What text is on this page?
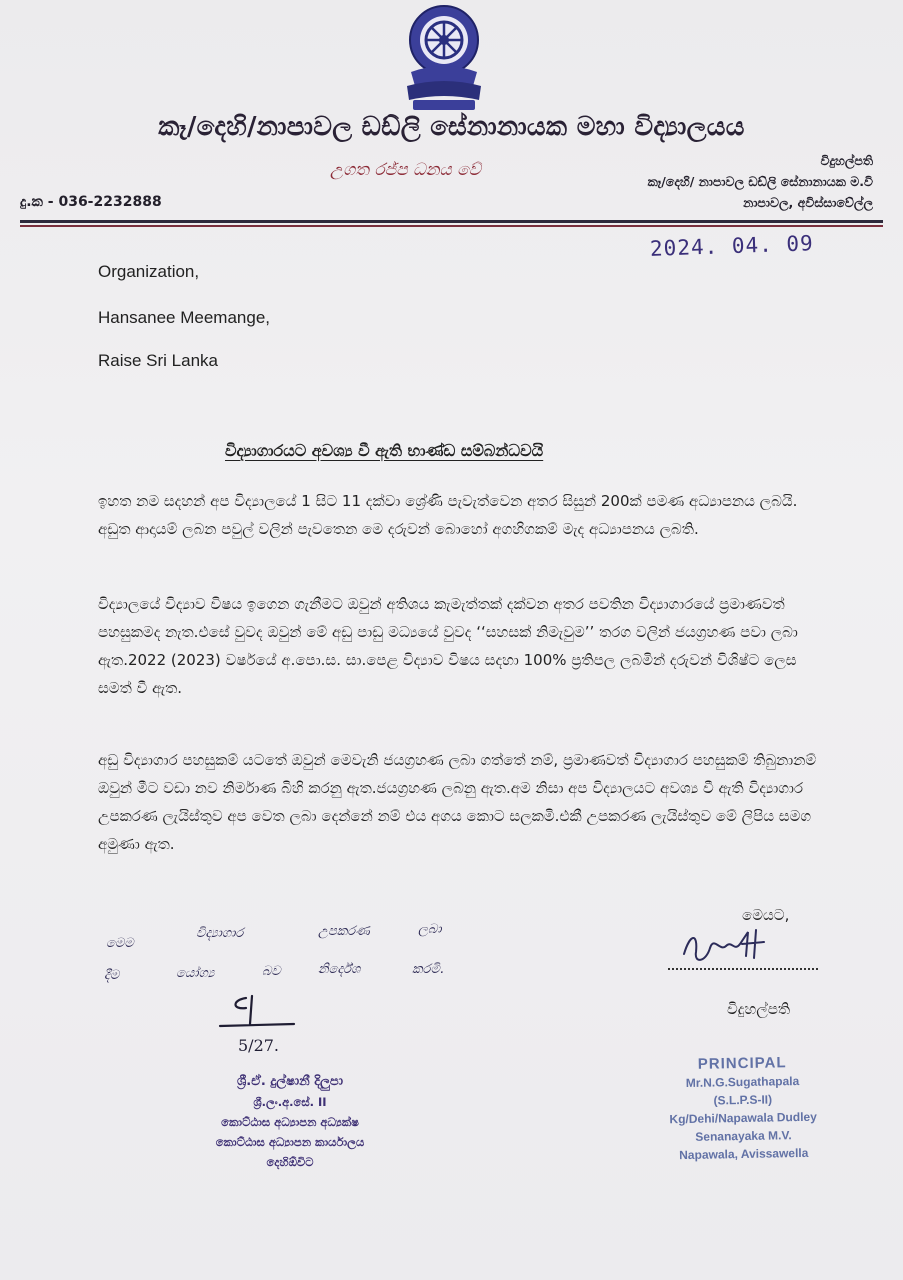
කෑ/දෙහි/නාපාවල ඩඩ්ලි සේනානායක මහා විද්‍යාලයය
උගත රජ්ප ධනය වේ
දු.ක - 036-2232888
විදුහල්පති
කෑ/දෙහි/ නාපාවල ඩඩ්ලි සේනානායක ම.වි
නාපාවල, අවිස්සාවේල්ල
2024. 04. 09
Organization,
Hansanee Meemange,
Raise Sri Lanka
විද්‍යාගාරයට අවශ්‍ය වී ඇති භාණ්ඩ සම්බන්ධවයි
ඉහත නම සදහන් අප විද්‍යාලයේ 1 සිට 11 දක්වා ශ්‍රේණි පැවැත්වෙන අතර සිසුන් 200ක් පමණ අධ්‍යාපනය ලබයි. අඩුත ආදායම් ලබන පවුල් වලින් පැවතෙන මෙ දරුවන් බොහෝ අගහිගකම් මැද අධ්‍යාපනය ලබති.
විද්‍යාලයේ විද්‍යාව විෂය ඉගෙන ගැනීමට ඔවුන් අතිශය කැමැත්තක් දක්වන අතර පවතින විද්‍යාගාරයේ ප්‍රමාණවත් පහසුකමද නැත.එසේ වුවද ඔවුන් මේ අඩු පාඩු මධ්‍යයේ වුවද ‘‘සහසක් නිමැවුම’’ තරග වලින් ජයග්‍රහණ පවා ලබා ඇත.2022 (2023) වර්ෂයේ අ.පො.ස. සා.පෙළ විද්‍යාව විෂය සදහා 100% ප්‍රතිපල ලබමින් දරුවන් විශිෂ්ට ලෙස සමත් වී ඇත.
අඩු විද්‍යාගාර පහසුකම් යටතේ ඔවුන් මෙවැනි ජයග්‍රහණ ලබා ගත්තේ නම්, ප්‍රමාණවත් විද්‍යාගාර පහසුකම් තිබුනානම් ඔවුන් මීට වඩා නව නිර්මාණ බිහි කරනු ඇත.ජයග්‍රහණ ලබනු ඇත.අම නිසා අප විද්‍යාලයට අවශ්‍ය වී ඇති විද්‍යාගාර උපකරණ ලැයිස්තුව අප වෙත ලබා දෙන්නේ නම් එය අගය කොට සලකමි.එකී උපකරණ ලැයිස්තුව මේ ලිපිය සමග අමුණා ඇත.
මෙයට,
විදුහල්පති
මෙම
විද්‍යාගාර	උපකරණ	ලබා
දීම	යෝග්‍ය	බව	නිර්දේශ	කරමි.
5/27.
ශ්‍රී.ඒ. දුල්ෂානී දිලුපා
ශ්‍රී.ලං.අ.සේ. II
කොට්ඨාස අධ්‍යාපන අධ්‍යක්ෂ
කොට්ඨාස අධ්‍යාපන කාර්යාලය
දෙහිඕවිට
PRINCIPAL
Mr.N.G.Sugathapala
(S.L.P.S-II)
Kg/Dehi/Napawala Dudley
Senanayaka M.V.
Napawala, Avissawella
